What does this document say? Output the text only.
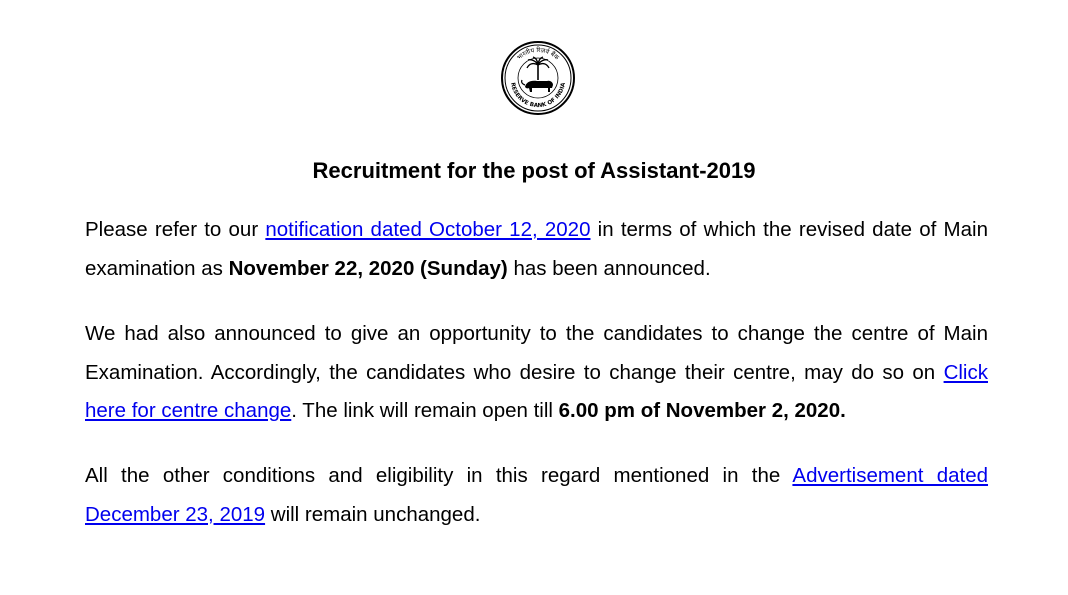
भारतीय रिज़र्व बैंक
RESERVE BANK OF INDIA
Recruitment for the post of Assistant-2019

Please refer to our notification dated October 12, 2020 in terms of which the revised date of Main examination as November 22, 2020 (Sunday) has been announced.

We had also announced to give an opportunity to the candidates to change the centre of Main Examination. Accordingly, the candidates who desire to change their centre, may do so on Click here for centre change. The link will remain open till 6.00 pm of November 2, 2020.

All the other conditions and eligibility in this regard mentioned in the Advertisement dated December 23, 2019 will remain unchanged.
